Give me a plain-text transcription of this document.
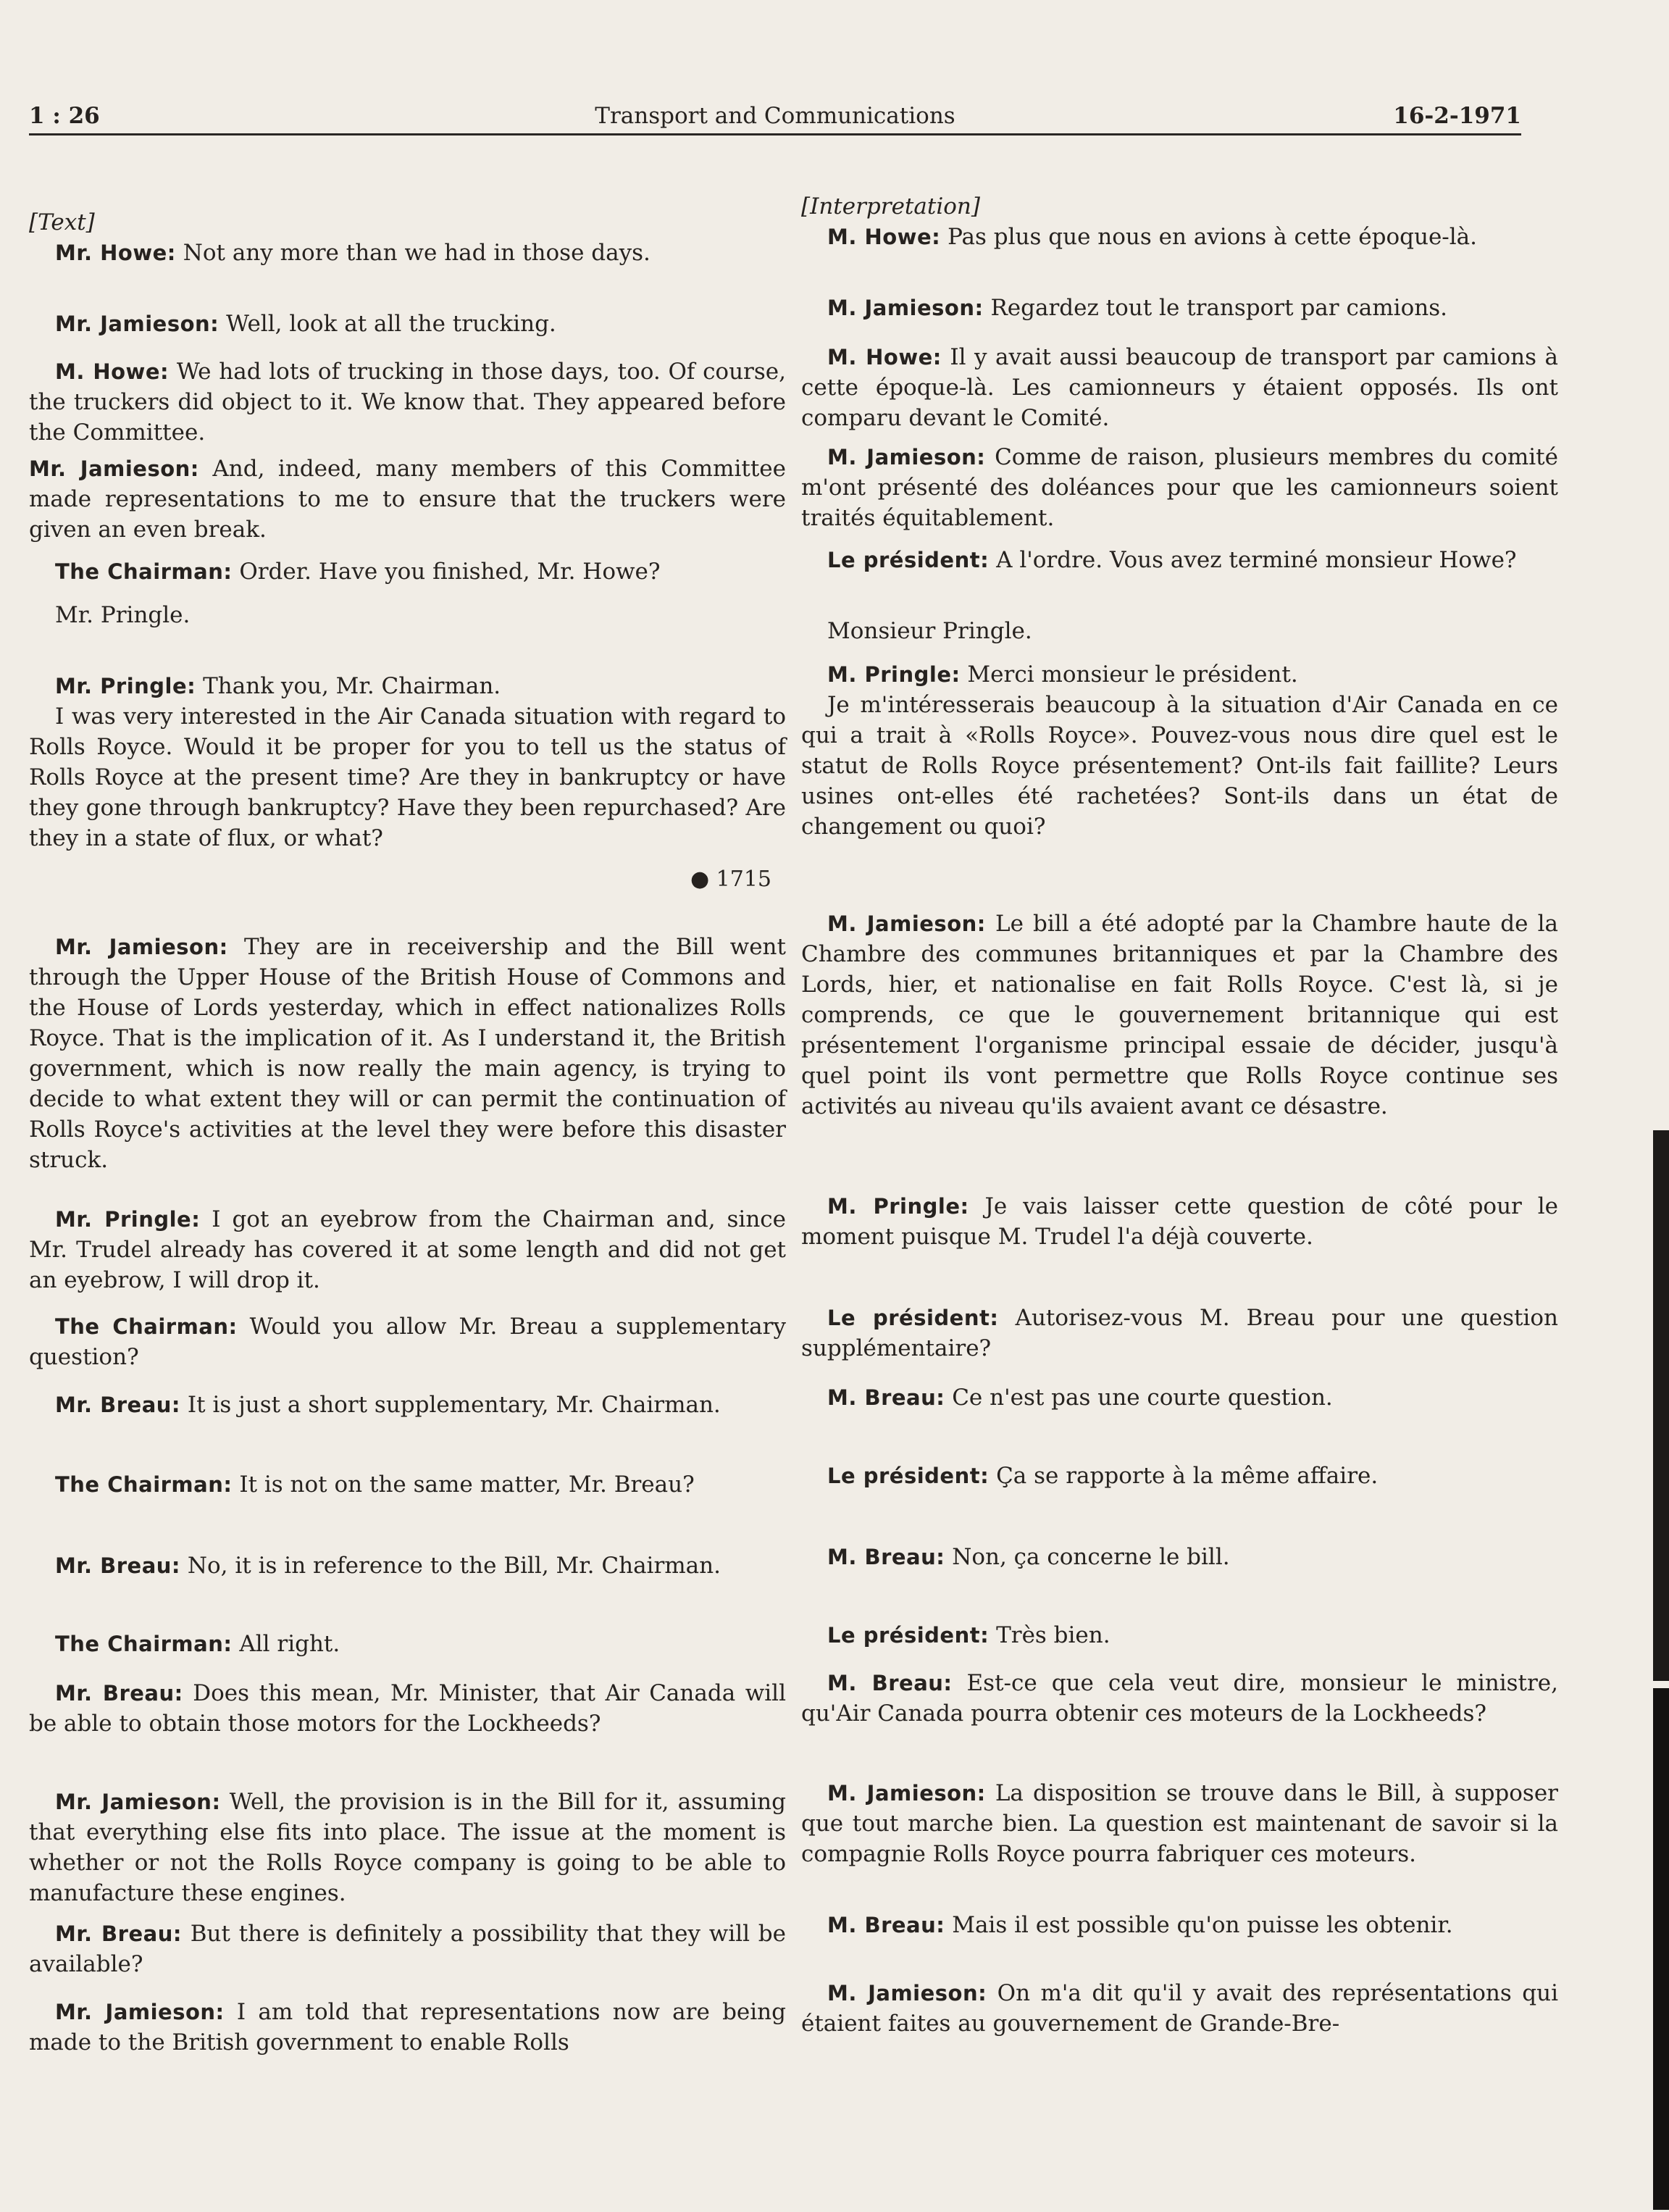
1 : 26	Transport and Communications	16-2-1971
[Text]
Mr. Howe: Not any more than we had in those days.
Mr. Jamieson: Well, look at all the trucking.
M. Howe: We had lots of trucking in those days, too. Of course, the truckers did object to it. We know that. They appeared before the Committee.
Mr. Jamieson: And, indeed, many members of this Committee made representations to me to ensure that the truckers were given an even break.
The Chairman: Order. Have you finished, Mr. Howe?
Mr. Pringle.
Mr. Pringle: Thank you, Mr. Chairman.
I was very interested in the Air Canada situation with regard to Rolls Royce. Would it be proper for you to tell us the status of Rolls Royce at the present time? Are they in bankruptcy or have they gone through bankruptcy? Have they been repurchased? Are they in a state of flux, or what?
● 1715
Mr. Jamieson: They are in receivership and the Bill went through the Upper House of the British House of Commons and the House of Lords yesterday, which in effect nationalizes Rolls Royce. That is the implication of it. As I understand it, the British government, which is now really the main agency, is trying to decide to what extent they will or can permit the continuation of Rolls Royce's activities at the level they were before this disaster struck.
Mr. Pringle: I got an eyebrow from the Chairman and, since Mr. Trudel already has covered it at some length and did not get an eyebrow, I will drop it.
The Chairman: Would you allow Mr. Breau a supplementary question?
Mr. Breau: It is just a short supplementary, Mr. Chairman.
The Chairman: It is not on the same matter, Mr. Breau?
Mr. Breau: No, it is in reference to the Bill, Mr. Chairman.
The Chairman: All right.
Mr. Breau: Does this mean, Mr. Minister, that Air Canada will be able to obtain those motors for the Lockheeds?
Mr. Jamieson: Well, the provision is in the Bill for it, assuming that everything else fits into place. The issue at the moment is whether or not the Rolls Royce company is going to be able to manufacture these engines.
Mr. Breau: But there is definitely a possibility that they will be available?
Mr. Jamieson: I am told that representations now are being made to the British government to enable Rolls
[Interpretation]
M. Howe: Pas plus que nous en avions à cette époque-là.
M. Jamieson: Regardez tout le transport par camions.
M. Howe: Il y avait aussi beaucoup de transport par camions à cette époque-là. Les camionneurs y étaient opposés. Ils ont comparu devant le Comité.
M. Jamieson: Comme de raison, plusieurs membres du comité m'ont présenté des doléances pour que les camionneurs soient traités équitablement.
Le président: A l'ordre. Vous avez terminé monsieur Howe?
Monsieur Pringle.
M. Pringle: Merci monsieur le président.
Je m'intéresserais beaucoup à la situation d'Air Canada en ce qui a trait à «Rolls Royce». Pouvez-vous nous dire quel est le statut de Rolls Royce présentement? Ont-ils fait faillite? Leurs usines ont-elles été rachetées? Sont-ils dans un état de changement ou quoi?
M. Jamieson: Le bill a été adopté par la Chambre haute de la Chambre des communes britanniques et par la Chambre des Lords, hier, et nationalise en fait Rolls Royce. C'est là, si je comprends, ce que le gouvernement britannique qui est présentement l'organisme principal essaie de décider, jusqu'à quel point ils vont permettre que Rolls Royce continue ses activités au niveau qu'ils avaient avant ce désastre.
M. Pringle: Je vais laisser cette question de côté pour le moment puisque M. Trudel l'a déjà couverte.
Le président: Autorisez-vous M. Breau pour une question supplémentaire?
M. Breau: Ce n'est pas une courte question.
Le président: Ça se rapporte à la même affaire.
M. Breau: Non, ça concerne le bill.
Le président: Très bien.
M. Breau: Est-ce que cela veut dire, monsieur le ministre, qu'Air Canada pourra obtenir ces moteurs de la Lockheeds?
M. Jamieson: La disposition se trouve dans le Bill, à supposer que tout marche bien. La question est maintenant de savoir si la compagnie Rolls Royce pourra fabriquer ces moteurs.
M. Breau: Mais il est possible qu'on puisse les obtenir.
M. Jamieson: On m'a dit qu'il y avait des représentations qui étaient faites au gouvernement de Grande-Bre-
